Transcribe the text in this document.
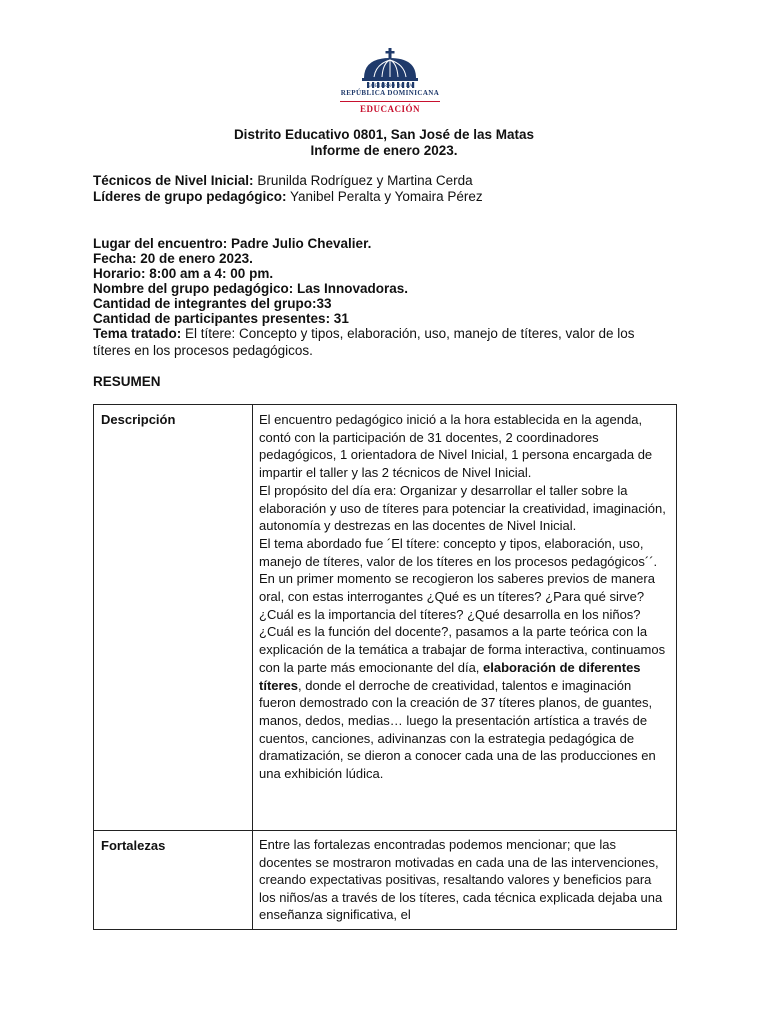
GOBIERNO DE LA
REPÚBLICA DOMINICANA
EDUCACIÓN
Distrito Educativo 0801, San José de las Matas
Informe de enero 2023.
Técnicos de Nivel Inicial: Brunilda Rodríguez y Martina Cerda
Líderes de grupo pedagógico: Yanibel Peralta y Yomaira Pérez
Lugar del encuentro: Padre Julio Chevalier.
Fecha: 20 de enero 2023.
Horario: 8:00 am a 4: 00 pm.
Nombre del grupo pedagógico: Las Innovadoras.
Cantidad de integrantes del grupo:33
Cantidad de participantes presentes: 31
Tema tratado: El títere: Concepto y tipos, elaboración, uso, manejo de títeres, valor de los títeres en los procesos pedagógicos.
RESUMEN
Descripción	El encuentro pedagógico inició a la hora establecida en la agenda, contó con la participación de 31 docentes, 2 coordinadores pedagógicos, 1 orientadora de Nivel Inicial, 1 persona encargada de impartir el taller y las 2 técnicos de Nivel Inicial.

El propósito del día era: Organizar y desarrollar el taller sobre la elaboración y uso de títeres para potenciar la creatividad, imaginación, autonomía y destrezas en las docentes de Nivel Inicial.

El tema abordado fue ´El títere: concepto y tipos, elaboración, uso, manejo de títeres, valor de los títeres en los procesos pedagógicos´´. En un primer momento se recogieron los saberes previos de manera oral, con estas interrogantes ¿Qué es un títeres? ¿Para qué sirve? ¿Cuál es la importancia del títeres? ¿Qué desarrolla en los niños? ¿Cuál es la función del docente?, pasamos a la parte teórica con la explicación de la temática a trabajar de forma interactiva, continuamos con la parte más emocionante del día, elaboración de diferentes títeres, donde el derroche de creatividad, talentos e imaginación fueron demostrado con la creación de 37 títeres planos, de guantes, manos, dedos, medias… luego la presentación artística a través de cuentos, canciones, adivinanzas con la estrategia pedagógica de dramatización, se dieron a conocer cada una de las producciones en una exhibición lúdica.

Fortalezas	Entre las fortalezas encontradas podemos mencionar; que las docentes se mostraron motivadas en cada una de las intervenciones, creando expectativas positivas, resaltando valores y beneficios para los niños/as a través de los títeres, cada técnica explicada dejaba una enseñanza significativa, el
